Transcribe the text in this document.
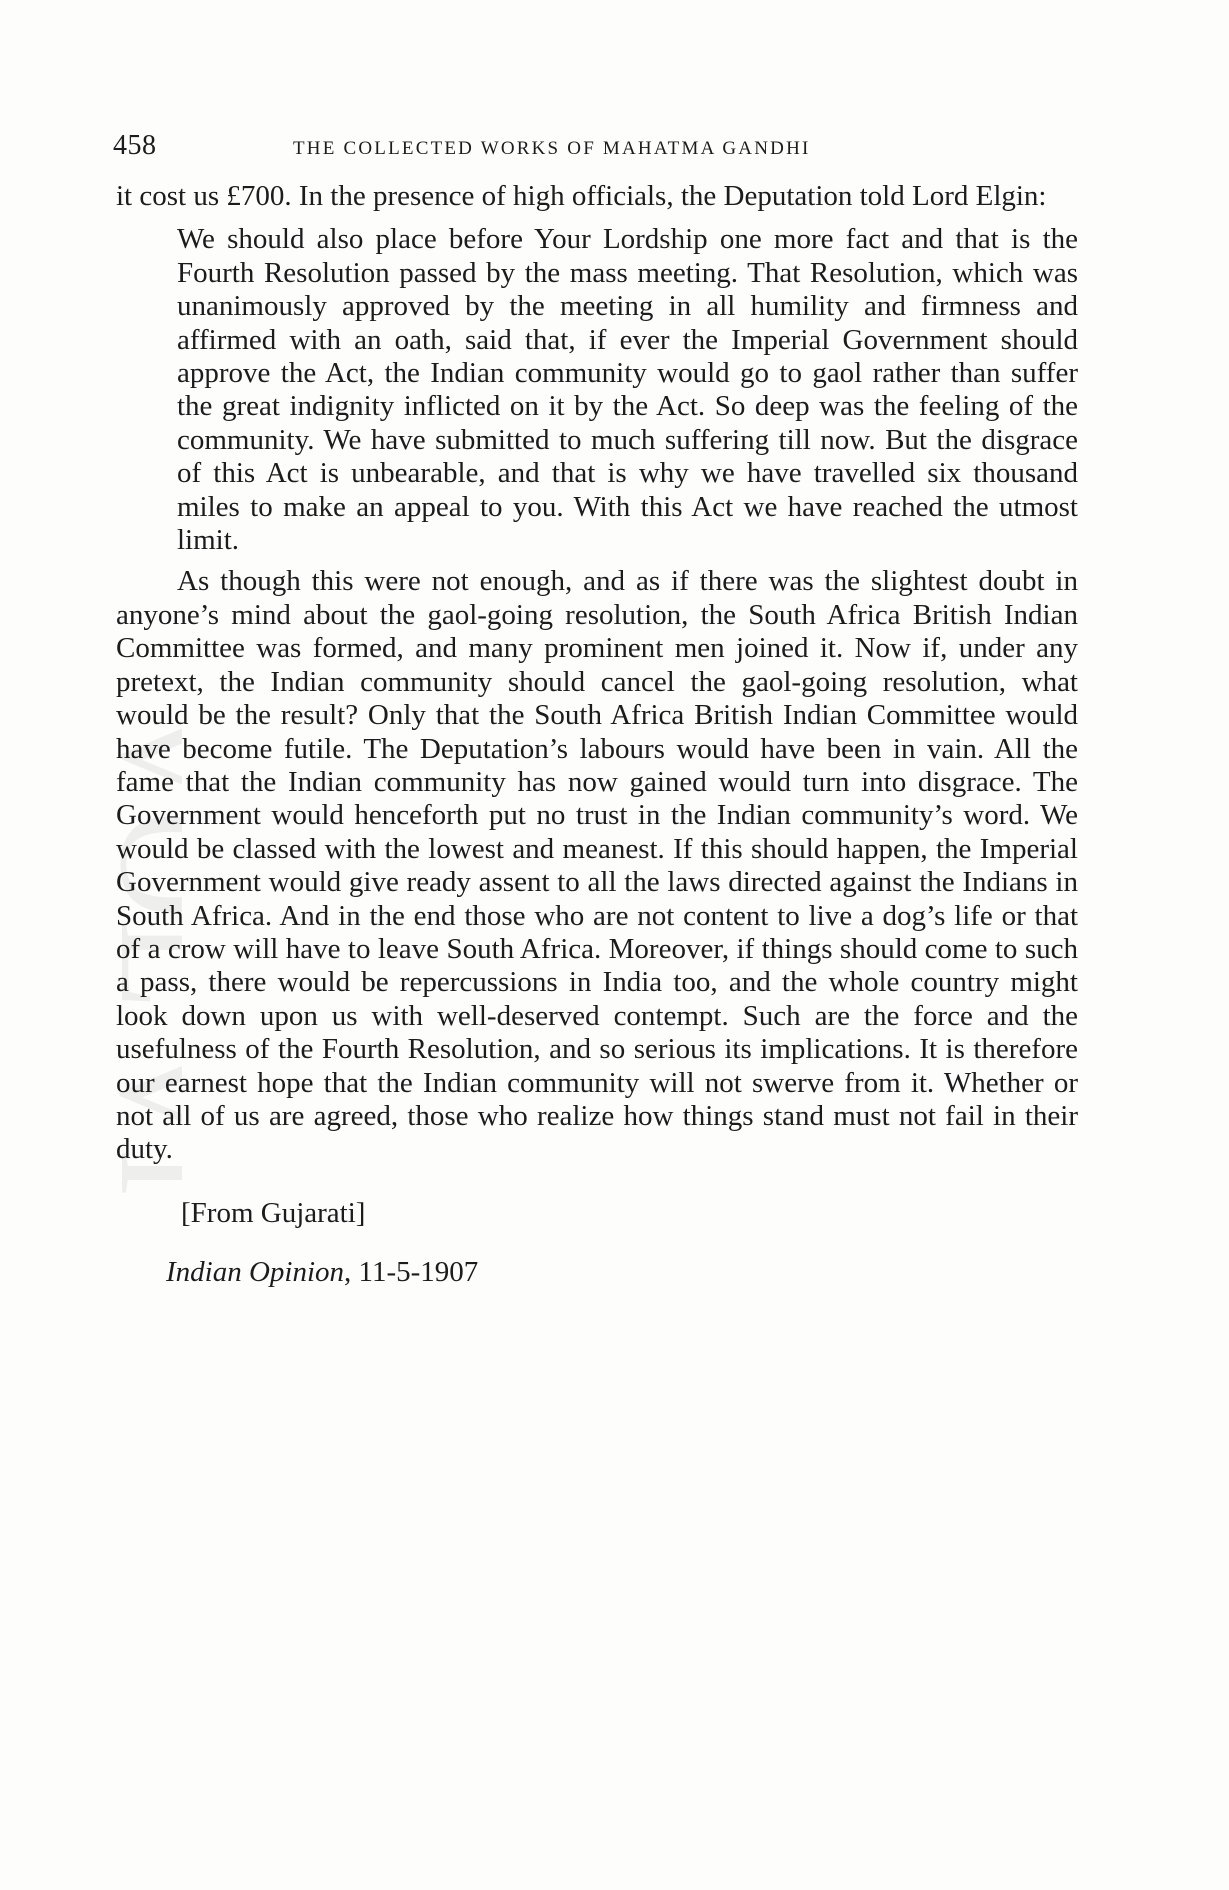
VOL VI
458	THE COLLECTED WORKS OF MAHATMA GANDHI

it cost us £700. In the presence of high officials, the Deputation told Lord Elgin:

We should also place before Your Lordship one more fact and that is the Fourth Resolution passed by the mass meeting. That Resolution, which was unanimously approved by the meeting in all humility and firmness and affirmed with an oath, said that, if ever the Imperial Government should approve the Act, the Indian community would go to gaol rather than suffer the great indignity inflicted on it by the Act. So deep was the feeling of the community. We have submitted to much suffering till now. But the disgrace of this Act is unbearable, and that is why we have travelled six thousand miles to make an appeal to you. With this Act we have reached the utmost limit.

As though this were not enough, and as if there was the slightest doubt in anyone’s mind about the gaol-going resolution, the South Africa British Indian Committee was formed, and many prominent men joined it. Now if, under any pretext, the Indian community should cancel the gaol-going resolution, what would be the result? Only that the South Africa British Indian Committee would have become futile. The Deputation’s labours would have been in vain. All the fame that the Indian community has now gained would turn into disgrace. The Government would henceforth put no trust in the Indian community’s word. We would be classed with the lowest and meanest. If this should happen, the Imperial Government would give ready assent to all the laws directed against the Indians in South Africa. And in the end those who are not content to live a dog’s life or that of a crow will have to leave South Africa. Moreover, if things should come to such a pass, there would be repercussions in India too, and the whole country might look down upon us with well-deserved contempt. Such are the force and the usefulness of the Fourth Resolution, and so serious its implications. It is therefore our earnest hope that the Indian community will not swerve from it. Whether or not all of us are agreed, those who realize how things stand must not fail in their duty.

[From Gujarati]
Indian Opinion, 11-5-1907
